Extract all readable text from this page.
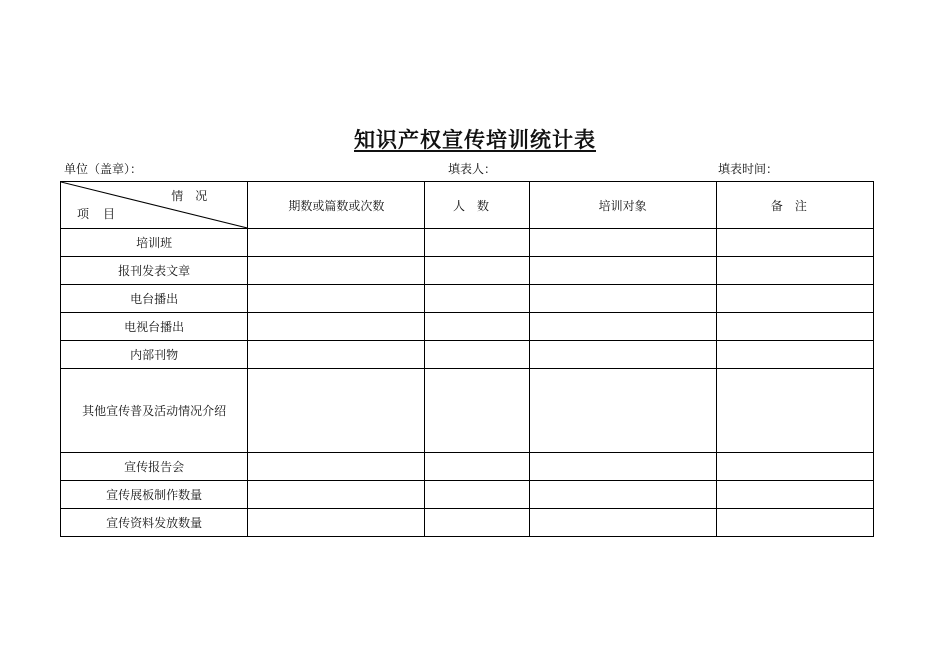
知识产权宣传培训统计表
单位（盖章）：	填表人：	填表时间：
情况
项目	期数或篇数或次数	人数	培训对象	备注
培训班				
报刊发表文章				
电台播出				
电视台播出				
内部刊物				
其他宣传普及活动情况介绍				
宣传报告会				
宣传展板制作数量				
宣传资料发放数量				
